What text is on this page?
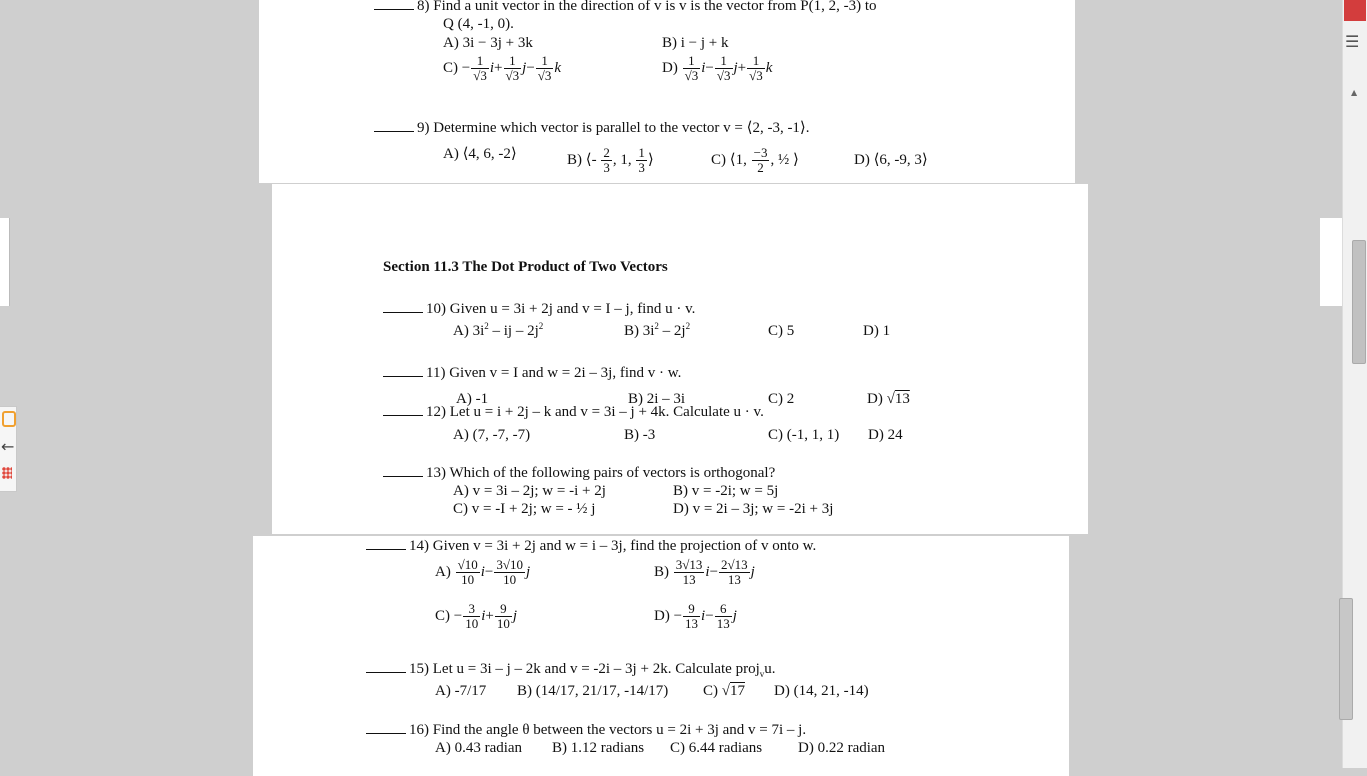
←
8) Find a unit vector in the direction of v is v is the vector from P(1, 2, -3) to
Q (4, -1, 0).
A) 3i − 3j + 3k	B) i − j + k
$C) - \frac{1}{√3} i+ \frac{1}{√3} j- \frac{1}{√3}$ k	$D) \frac{1}{√3} i- \frac{1}{√3} j+ \frac{1}{√3}$ k
9) Determine which vector is parallel to the vector v = ⟨2, -3, -1⟩.
A) ⟨4, 6, -2⟩	B) ⟨- $\frac{2}{3}$ , 1, $\frac{1}{3}$ ⟩	C) ⟨1, $\frac{-3}{2}$ , ½ ⟩	D) ⟨6, -9, 3⟩
Section 11.3 The Dot Product of Two Vectors
10) Given u = 3i + 2j and v = I – j, find u · v.
A) $3i^2$ – ij – $2j^2$	B) $3i^2 - 2j^2$	C) 5	D) 1
11) Given v = I and w = 2i – 3j, find v · w.
A) -1	B) 2i – 3i	C) 2	D) √13
12) Let u = i + 2j – k and v = 3i – j + 4k. Calculate u · v.
A) (7, -7, -7)	B) -3	C) (-1, 1, 1) D) 24
13) Which of the following pairs of vectors is orthogonal?
A) v = 3i – 2j; w = -i + 2j	B) v = -2i; w = 5j
C) v = -I + 2j; w = - ½ j	D) v = 2i – 3j; w = -2i + 3j
14) Given v = 3i + 2j and w = i – 3j, find the projection of v onto w.
$A) \frac{√10}{10} i- \frac{3√10}{10}$ j	$B) \frac{3√13}{13} i- \frac{2√13}{13}$ j
$C) - \frac{3}{10} i+ \frac{9}{10}$ j	$D) - \frac{9}{13} i- \frac{6}{13}$ j
15) Let u = 3i – j – 2k and v = -2i – 3j + 2k. Calculate proj$_v$u.
A) -7/17 B) (14/17, 21/17, -14/17) C) √17 D) (14, 21, -14)
16) Find the angle θ between the vectors u = 2i + 3j and v = 7i – j.
A) 0.43 radian B) 1.12 radians C) 6.44 radians D) 0.22 radian
☰
▲
